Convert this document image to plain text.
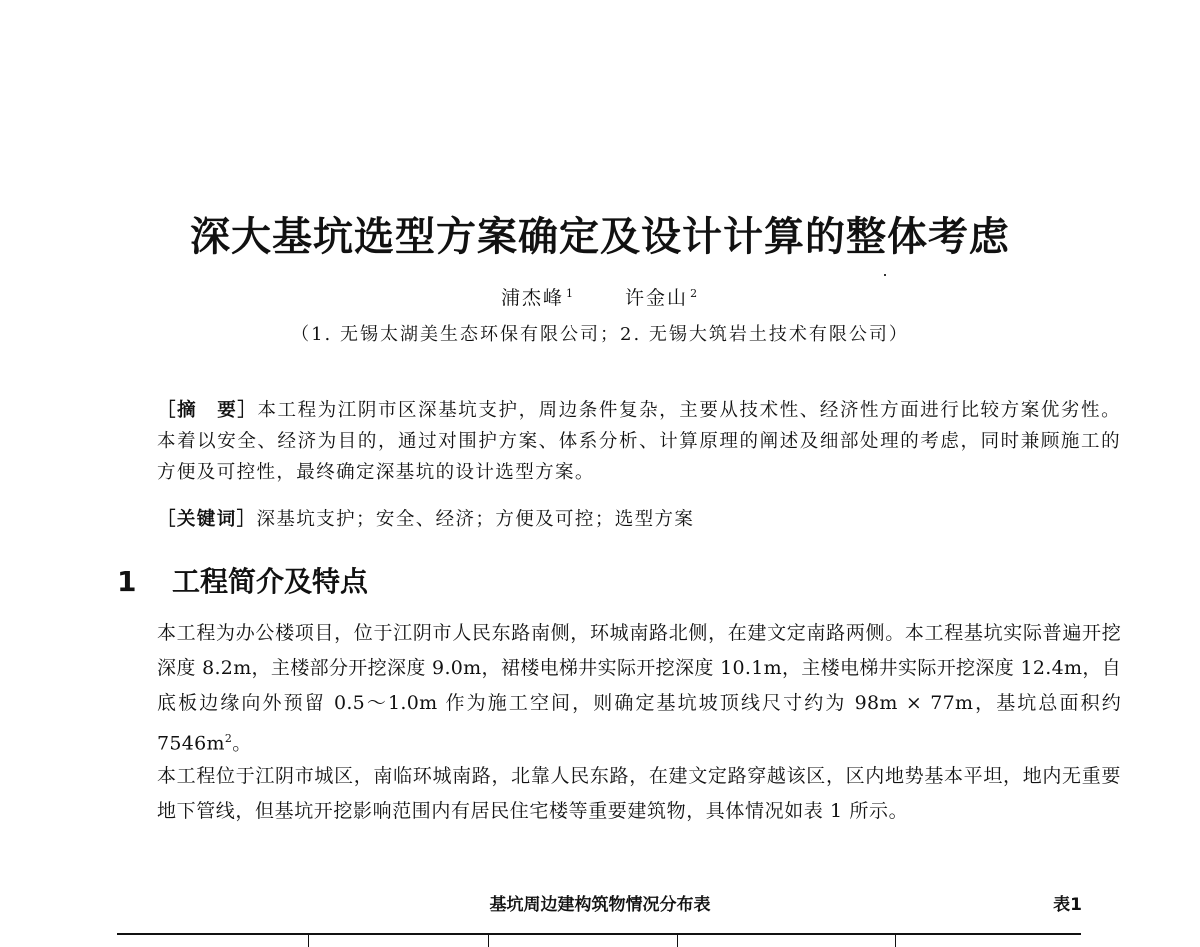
深大基坑选型方案确定及设计计算的整体考虑
浦杰峰 $^1$	许金山 $^2$
（1. 无锡太湖美生态环保有限公司；2. 无锡大筑岩土技术有限公司）
［摘　要］本工程为江阴市区深基坑支护，周边条件复杂，主要从技术性、经济性方面进行比较方案优劣性。本着以安全、经济为目的，通过对围护方案、体系分析、计算原理的阐述及细部处理的考虑，同时兼顾施工的方便及可控性，最终确定深基坑的设计选型方案。
［关键词］深基坑支护；安全、经济；方便及可控；选型方案
1 工程简介及特点
本工程为办公楼项目，位于江阴市人民东路南侧，环城南路北侧，在建文定南路两侧。本工程基坑实际普遍开挖深度 8.2m，主楼部分开挖深度 9.0m，裙楼电梯井实际开挖深度 10.1m，主楼电梯井实际开挖深度 12.4m，自底板边缘向外预留 0.5～1.0m 作为施工空间，则确定基坑坡顶线尺寸约为 98m × 77m，基坑总面积约 $7546m^2$。
本工程位于江阴市城区，南临环城南路，北靠人民东路，在建文定路穿越该区，区内地势基本平坦，地内无重要地下管线，但基坑开挖影响范围内有居民住宅楼等重要建筑物，具体情况如表 1 所示。
基坑周边建构筑物情况分布表	表1
